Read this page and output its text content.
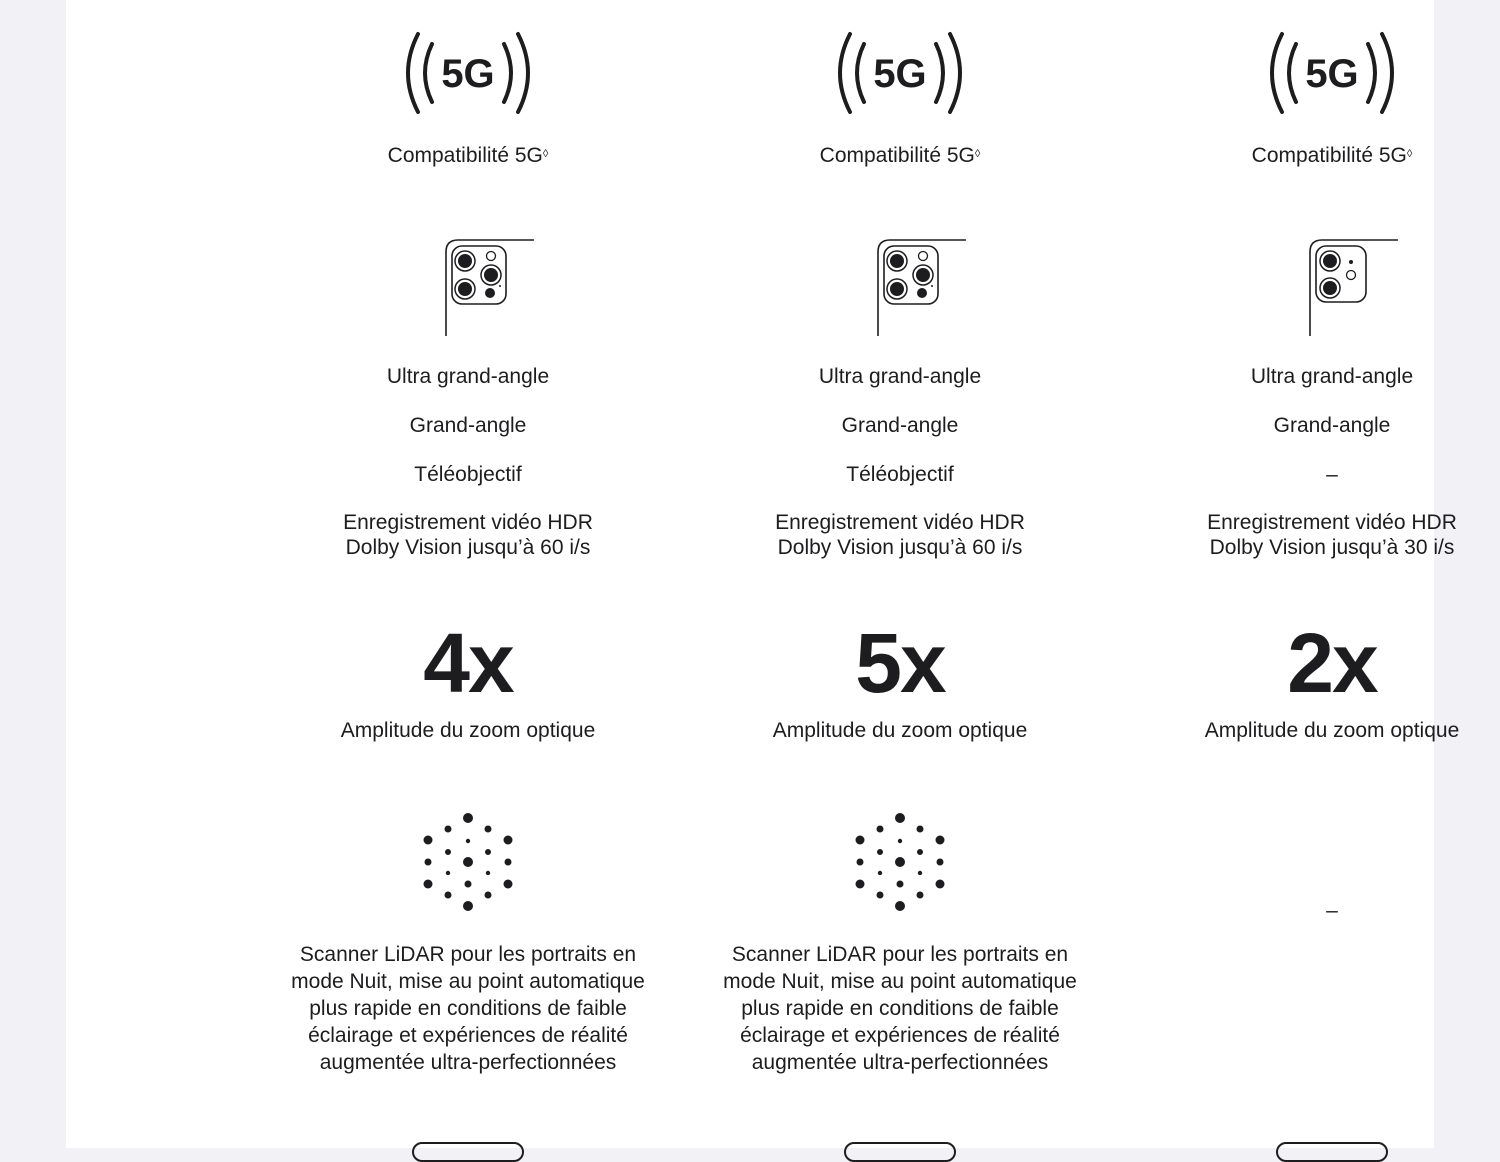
5G

Compatibilité 5G◊

Ultra grand-angle

Grand-angle

Téléobjectif

Enregistrement vidéo HDR
Dolby Vision jusqu’à 60 i/s

4x

Amplitude du zoom optique

Scanner LiDAR pour les portraits en
mode Nuit, mise au point automatique
plus rapide en conditions de faible
éclairage et expériences de réalité
augmentée ultra-perfectionnées

5G

Compatibilité 5G◊

Ultra grand-angle

Grand-angle

Téléobjectif

Enregistrement vidéo HDR
Dolby Vision jusqu’à 60 i/s

5x

Amplitude du zoom optique

Scanner LiDAR pour les portraits en
mode Nuit, mise au point automatique
plus rapide en conditions de faible
éclairage et expériences de réalité
augmentée ultra-perfectionnées

5G

Compatibilité 5G◊

Ultra grand-angle

Grand-angle

–

Enregistrement vidéo HDR
Dolby Vision jusqu’à 30 i/s

2x

Amplitude du zoom optique

–
